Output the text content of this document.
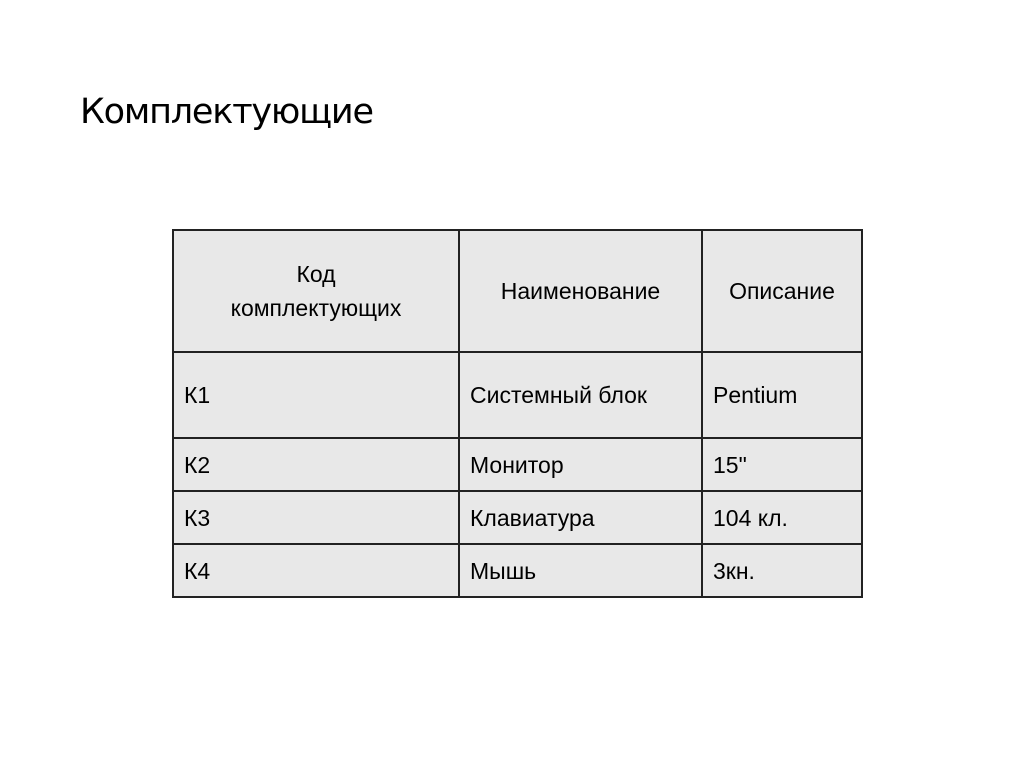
Комплектующие
Код
комплектующих	Наименование	Описание
К1	Системный блок	Pentium
К2	Монитор	15"
К3	Клавиатура	104 кл.
К4	Мышь	3кн.
